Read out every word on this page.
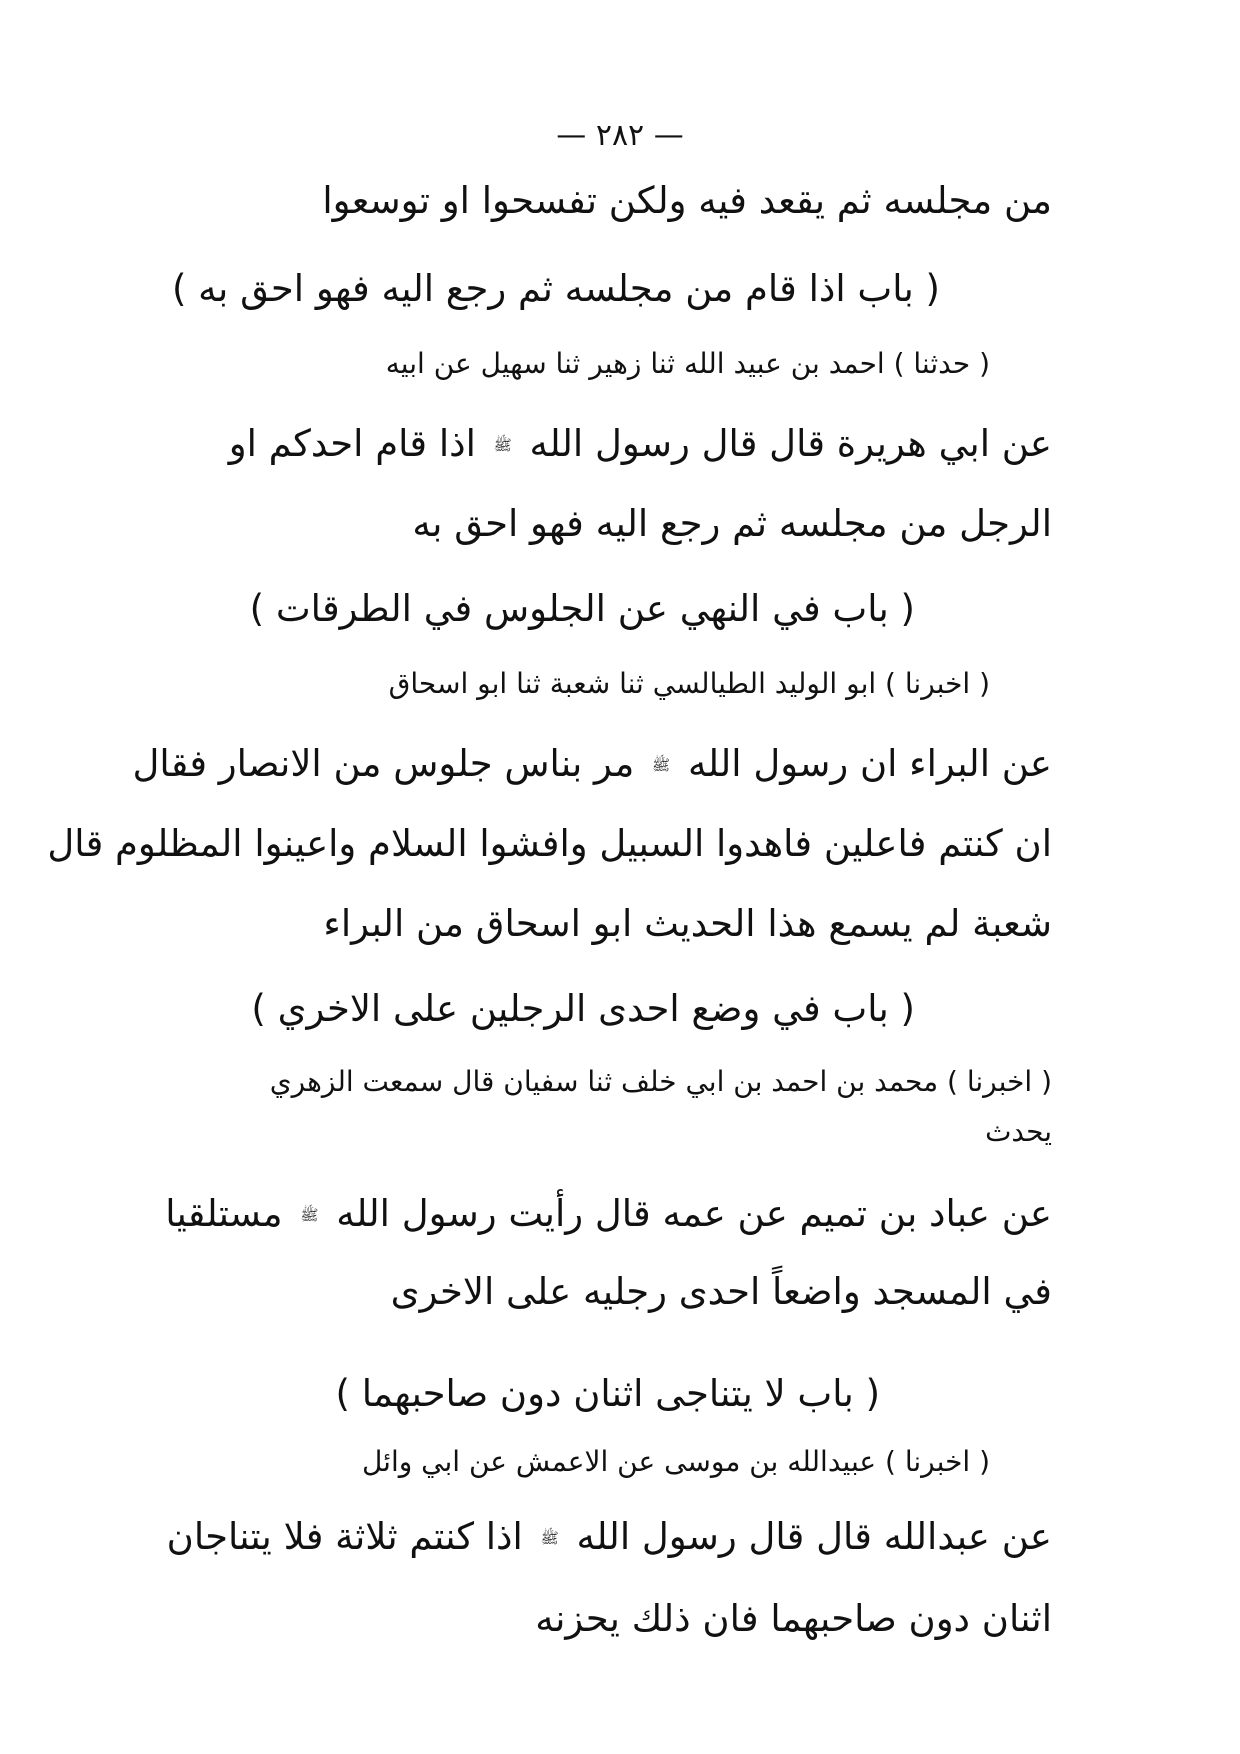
— ٢٨٢ —
من مجلسه ثم يقعد فيه ولكن تفسحوا او توسعوا
( باب اذا قام من مجلسه ثم رجع اليه فهو احق به )
( حدثنا ) احمد بن عبيد الله ثنا زهير ثنا سهيل عن ابيه
عن ابي هريرة قال قال رسول الله ﷺ اذا قام احدكم او
الرجل من مجلسه ثم رجع اليه فهو احق به
( باب في النهي عن الجلوس في الطرقات )
( اخبرنا ) ابو الوليد الطيالسي ثنا شعبة ثنا ابو اسحاق
عن البراء ان رسول الله ﷺ مر بناس جلوس من الانصار فقال
ان كنتم فاعلين فاهدوا السبيل وافشوا السلام واعينوا المظلوم قال
شعبة لم يسمع هذا الحديث ابو اسحاق من البراء
( باب في وضع احدى الرجلين على الاخري )
( اخبرنا ) محمد بن احمد بن ابي خلف ثنا سفيان قال سمعت الزهري
يحدث
عن عباد بن تميم عن عمه قال رأيت رسول الله ﷺ مستلقيا
في المسجد واضعاً احدى رجليه على الاخرى
( باب لا يتناجى اثنان دون صاحبهما )
( اخبرنا ) عبيدالله بن موسى عن الاعمش عن ابي وائل
عن عبدالله قال قال رسول الله ﷺ اذا كنتم ثلاثة فلا يتناجان
اثنان دون صاحبهما فان ذلك يحزنه
